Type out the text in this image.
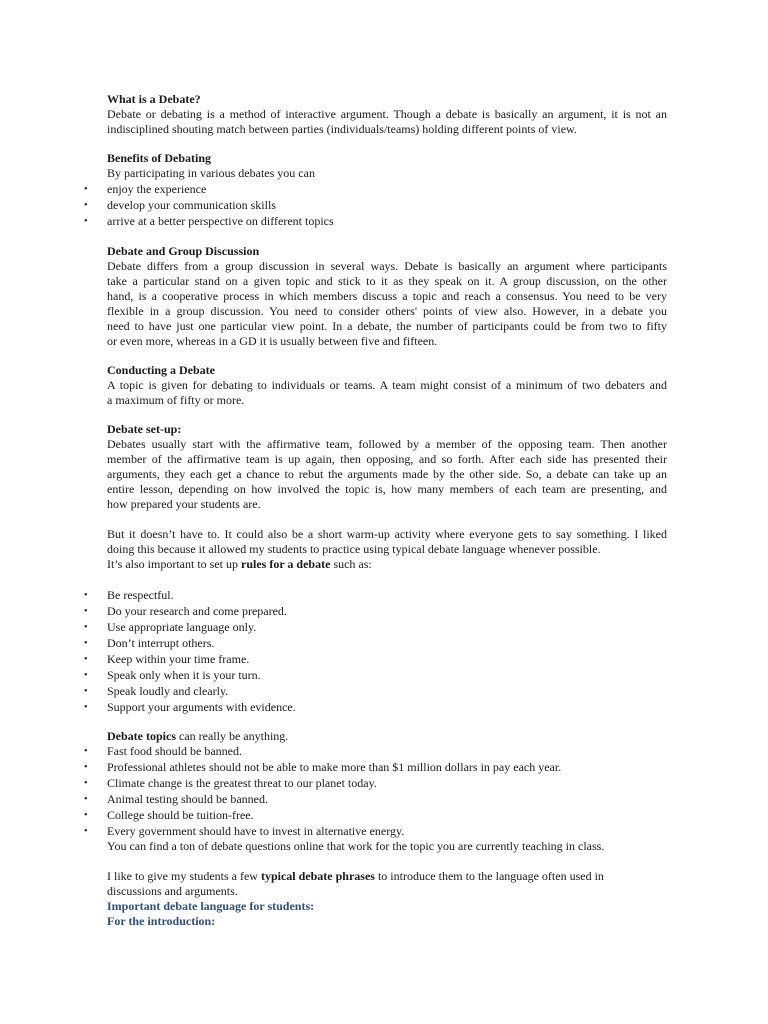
What is a Debate?
Debate or debating is a method of interactive argument. Though a debate is basically an argument, it is not an
indisciplined shouting match between parties (individuals/teams) holding different points of view.
Benefits of Debating
By participating in various debates you can
• enjoy the experience
• develop your communication skills
• arrive at a better perspective on different topics
Debate and Group Discussion
Debate differs from a group discussion in several ways. Debate is basically an argument where participants
take a particular stand on a given topic and stick to it as they speak on it. A group discussion, on the other
hand, is a cooperative process in which members discuss a topic and reach a consensus. You need to be very
flexible in a group discussion. You need to consider others' points of view also. However, in a debate you
need to have just one particular view point. In a debate, the number of participants could be from two to fifty
or even more, whereas in a GD it is usually between five and fifteen.
Conducting a Debate
A topic is given for debating to individuals or teams. A team might consist of a minimum of two debaters and
a maximum of fifty or more.
Debate set-up:
Debates usually start with the affirmative team, followed by a member of the opposing team. Then another
member of the affirmative team is up again, then opposing, and so forth. After each side has presented their
arguments, they each get a chance to rebut the arguments made by the other side. So, a debate can take up an
entire lesson, depending on how involved the topic is, how many members of each team are presenting, and
how prepared your students are.
But it doesn’t have to. It could also be a short warm-up activity where everyone gets to say something. I liked
doing this because it allowed my students to practice using typical debate language whenever possible.
It’s also important to set up rules for a debate such as:
• Be respectful.
• Do your research and come prepared.
• Use appropriate language only.
• Don’t interrupt others.
• Keep within your time frame.
• Speak only when it is your turn.
• Speak loudly and clearly.
• Support your arguments with evidence.
Debate topics can really be anything.
• Fast food should be banned.
• Professional athletes should not be able to make more than $1 million dollars in pay each year.
• Climate change is the greatest threat to our planet today.
• Animal testing should be banned.
• College should be tuition-free.
• Every government should have to invest in alternative energy.
You can find a ton of debate questions online that work for the topic you are currently teaching in class.
I like to give my students a few typical debate phrases to introduce them to the language often used in
discussions and arguments.
Important debate language for students:
For the introduction:
